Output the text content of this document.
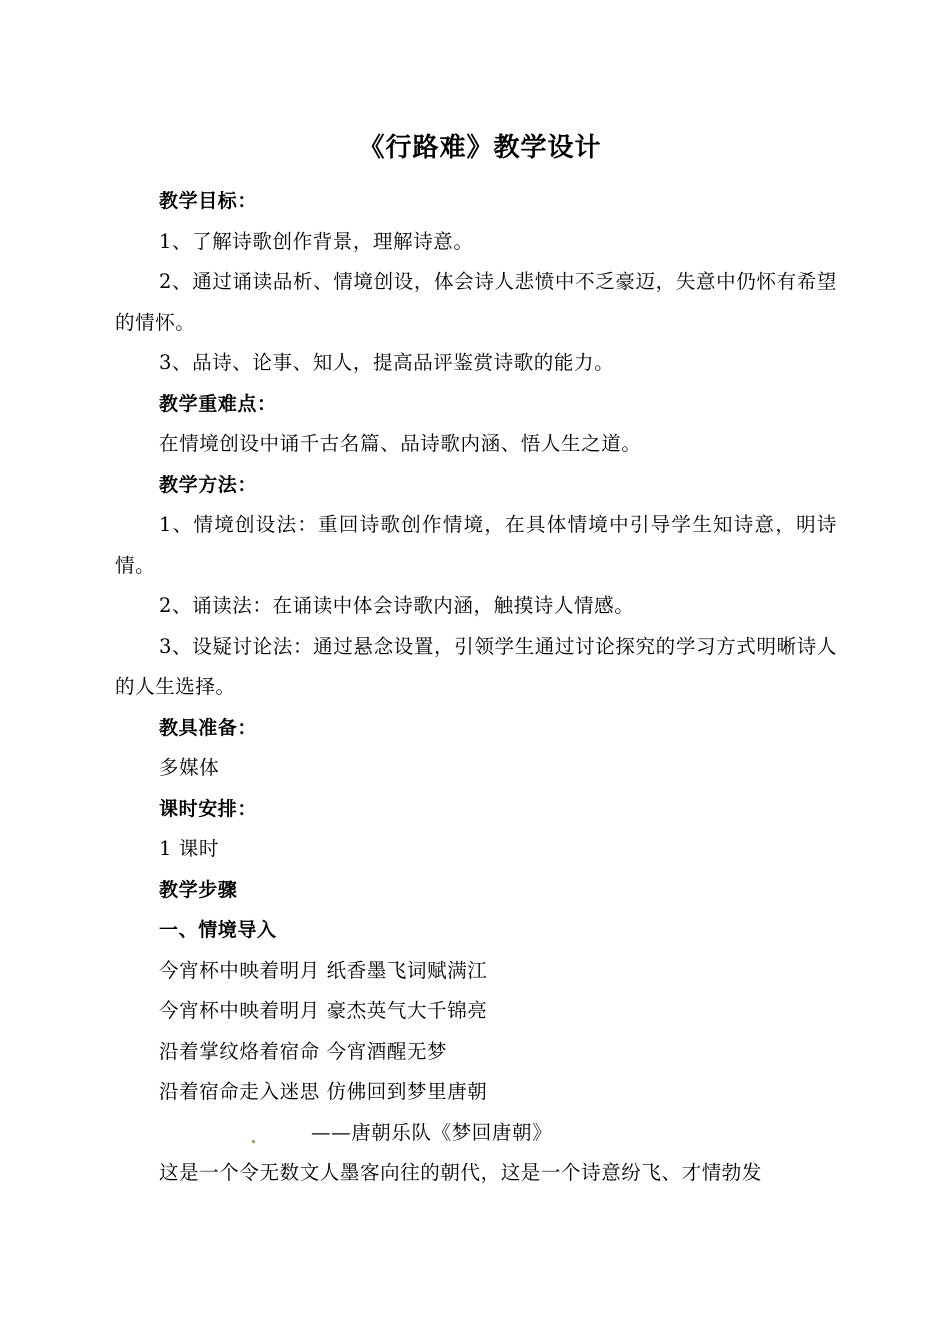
《行路难》教学设计

教学目标：

1、了解诗歌创作背景，理解诗意。

2、通过诵读品析、情境创设，体会诗人悲愤中不乏豪迈，失意中仍怀有希望的情怀。

3、品诗、论事、知人，提高品评鉴赏诗歌的能力。

教学重难点：

在情境创设中诵千古名篇、品诗歌内涵、悟人生之道。

教学方法：

1、情境创设法：重回诗歌创作情境，在具体情境中引导学生知诗意，明诗情。

2、诵读法：在诵读中体会诗歌内涵，触摸诗人情感。

3、设疑讨论法：通过悬念设置，引领学生通过讨论探究的学习方式明晰诗人的人生选择。

教具准备：

多媒体

课时安排：

1 课时

教学步骤

一、情境导入

今宵杯中映着明月 纸香墨飞词赋满江

今宵杯中映着明月 豪杰英气大千锦亮

沿着掌纹烙着宿命 今宵酒醒无梦

沿着宿命走入迷思 仿佛回到梦里唐朝

——唐朝乐队《梦回唐朝》

这是一个令无数文人墨客向往的朝代，这是一个诗意纷飞、才情勃发
